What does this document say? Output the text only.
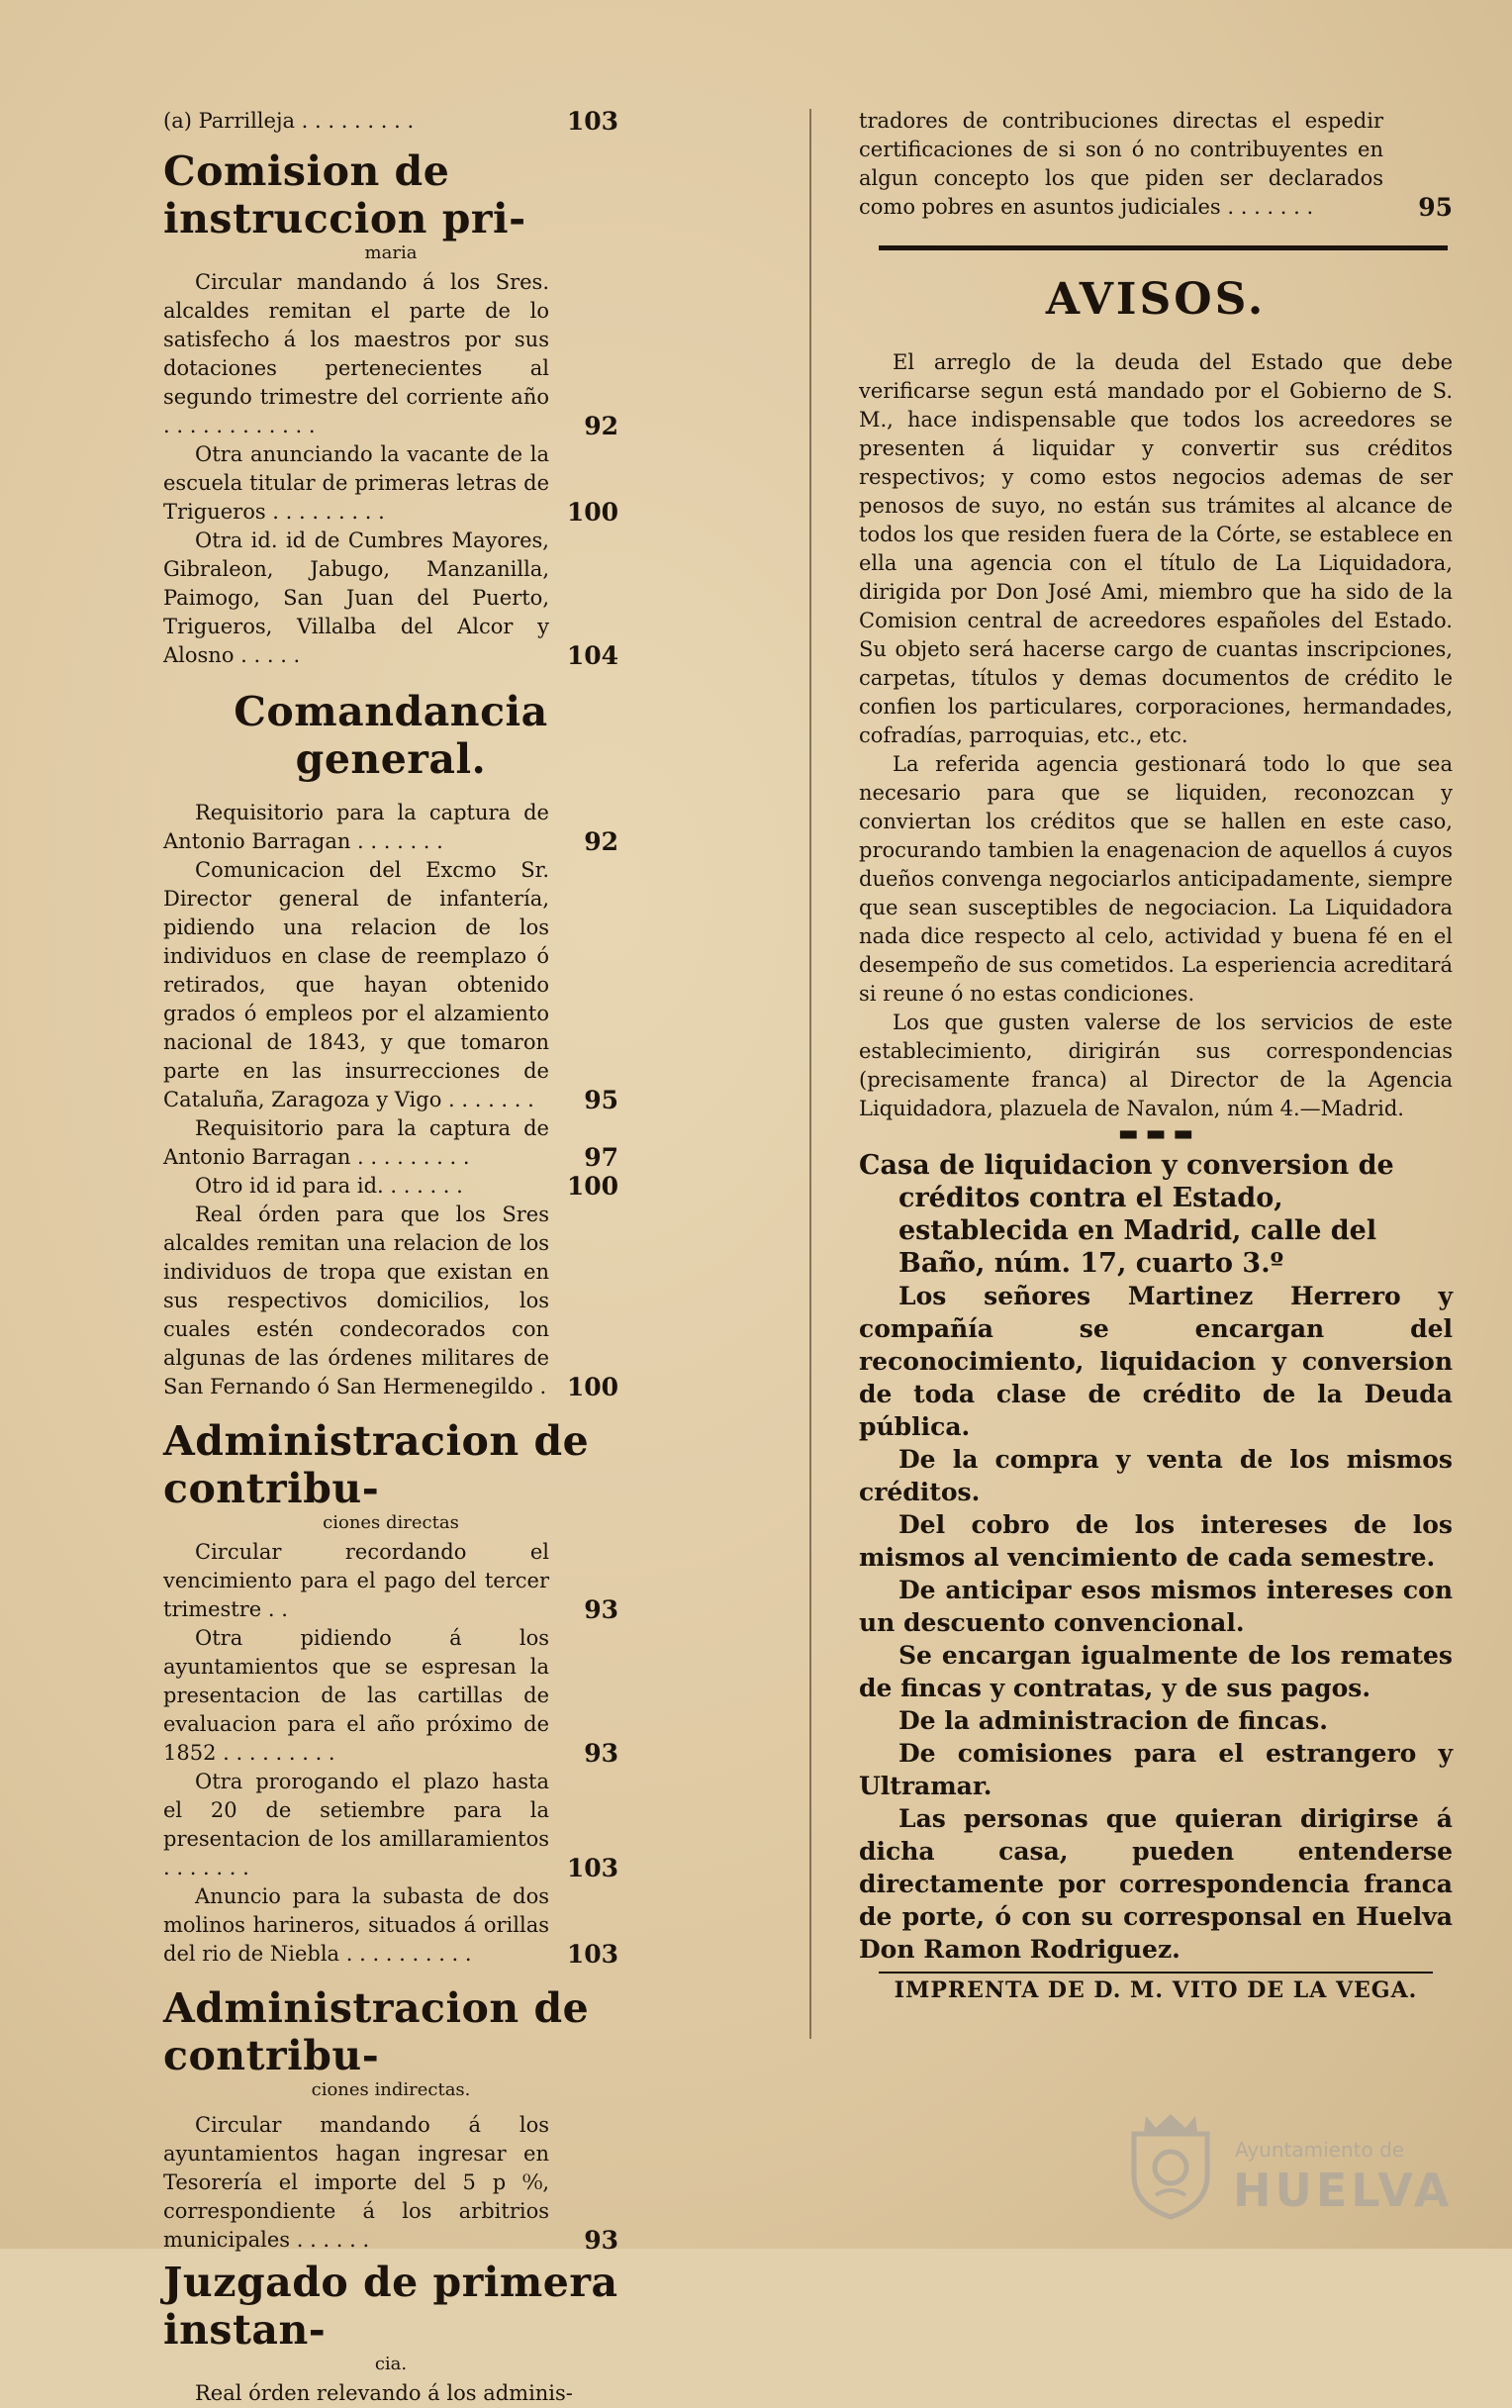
(a) Parrilleja . . . . . . . . .	103

Comision de instruccion pri-

maria

Circular mandando á los Sres. alcaldes remitan el parte de lo satisfecho á los maestros por sus dotaciones pertenecientes al segundo trimestre del corriente año . . . . . . . . . . . .	92

Otra anunciando la vacante de la escuela titular de primeras letras de Trigueros . . . . . . . . .	100

Otra id. id de Cumbres Mayores, Gibraleon, Jabugo, Manzanilla, Paimogo, San Juan del Puerto, Trigueros, Villalba del Alcor y Alosno . . . . .	104

Comandancia general.

Requisitorio para la captura de Antonio Barragan . . . . . . .	92

Comunicacion del Excmo Sr. Director general de infantería, pidiendo una relacion de los individuos en clase de reemplazo ó retirados, que hayan obtenido grados ó empleos por el alzamiento nacional de 1843, y que tomaron parte en las insurrecciones de Cataluña, Zaragoza y Vigo . . . . . . .	95

Requisitorio para la captura de Antonio Barragan . . . . . . . . .	97

Otro id id para id. . . . . . .	100

Real órden para que los Sres alcaldes remitan una relacion de los individuos de tropa que existan en sus respectivos domicilios, los cuales estén condecorados con algunas de las órdenes militares de San Fernando ó San Hermenegildo . 100

Administracion de contribu-

ciones directas

Circular recordando el vencimiento para el pago del tercer trimestre . .	93

Otra pidiendo á los ayuntamientos que se espresan la presentacion de las cartillas de evaluacion para el año próximo de 1852 . . . . . . . . .	93

Otra prorogando el plazo hasta el 20 de setiembre para la presentacion de los amillaramientos . . . . . . .	103

Anuncio para la subasta de dos molinos harineros, situados á orillas del rio de Niebla . . . . . . . . . .	103

Administracion de contribu-

ciones indirectas.

Circular mandando á los ayuntamientos hagan ingresar en Tesorería el importe del 5 p ⁰⁄₀, correspondiente á los arbitrios municipales . . . . . .	93

Juzgado de primera instan-

cia.

Real órden relevando á los adminis-

tradores de contribuciones directas el espedir certificaciones de si son ó no contribuyentes en algun concepto los que piden ser declarados como pobres en asuntos judiciales . . . . . . .	95

AVISOS.

El arreglo de la deuda del Estado que debe verificarse segun está mandado por el Gobierno de S. M., hace indispensable que todos los acreedores se presenten á liquidar y convertir sus créditos respectivos; y como estos negocios ademas de ser penosos de suyo, no están sus trámites al alcance de todos los que residen fuera de la Córte, se establece en ella una agencia con el título de La Liquidadora, dirigida por Don José Ami, miembro que ha sido de la Comision central de acreedores españoles del Estado. Su objeto será hacerse cargo de cuantas inscripciones, carpetas, títulos y demas documentos de crédito le confien los particulares, corporaciones, hermandades, cofradías, parroquias, etc., etc.

La referida agencia gestionará todo lo que sea necesario para que se liquiden, reconozcan y conviertan los créditos que se hallen en este caso, procurando tambien la enagenacion de aquellos á cuyos dueños convenga negociarlos anticipadamente, siempre que sean susceptibles de negociacion. La Liquidadora nada dice respecto al celo, actividad y buena fé en el desempeño de sus cometidos. La esperiencia acreditará si reune ó no estas condiciones.

Los que gusten valerse de los servicios de este establecimiento, dirigirán sus correspondencias (precisamente franca) al Director de la Agencia Liquidadora, plazuela de Navalon, núm 4.—Madrid.

▬ ▬ ▬

Casa de liquidacion y conversion de créditos contra el Estado, establecida en Madrid, calle del Baño, núm. 17, cuarto 3.º

Los señores Martinez Herrero y compañía se encargan del reconocimiento, liquidacion y conversion de toda clase de crédito de la Deuda pública.

De la compra y venta de los mismos créditos.

Del cobro de los intereses de los mismos al vencimiento de cada semestre.

De anticipar esos mismos intereses con un descuento convencional.

Se encargan igualmente de los remates de fincas y contratas, y de sus pagos.

De la administracion de fincas.

De comisiones para el estrangero y Ultramar.

Las personas que quieran dirigirse á dicha casa, pueden entenderse directamente por correspondencia franca de porte, ó con su corresponsal en Huelva Don Ramon Rodriguez.

IMPRENTA DE D. M. VITO DE LA VEGA.

Ayuntamiento de
HUELVA
